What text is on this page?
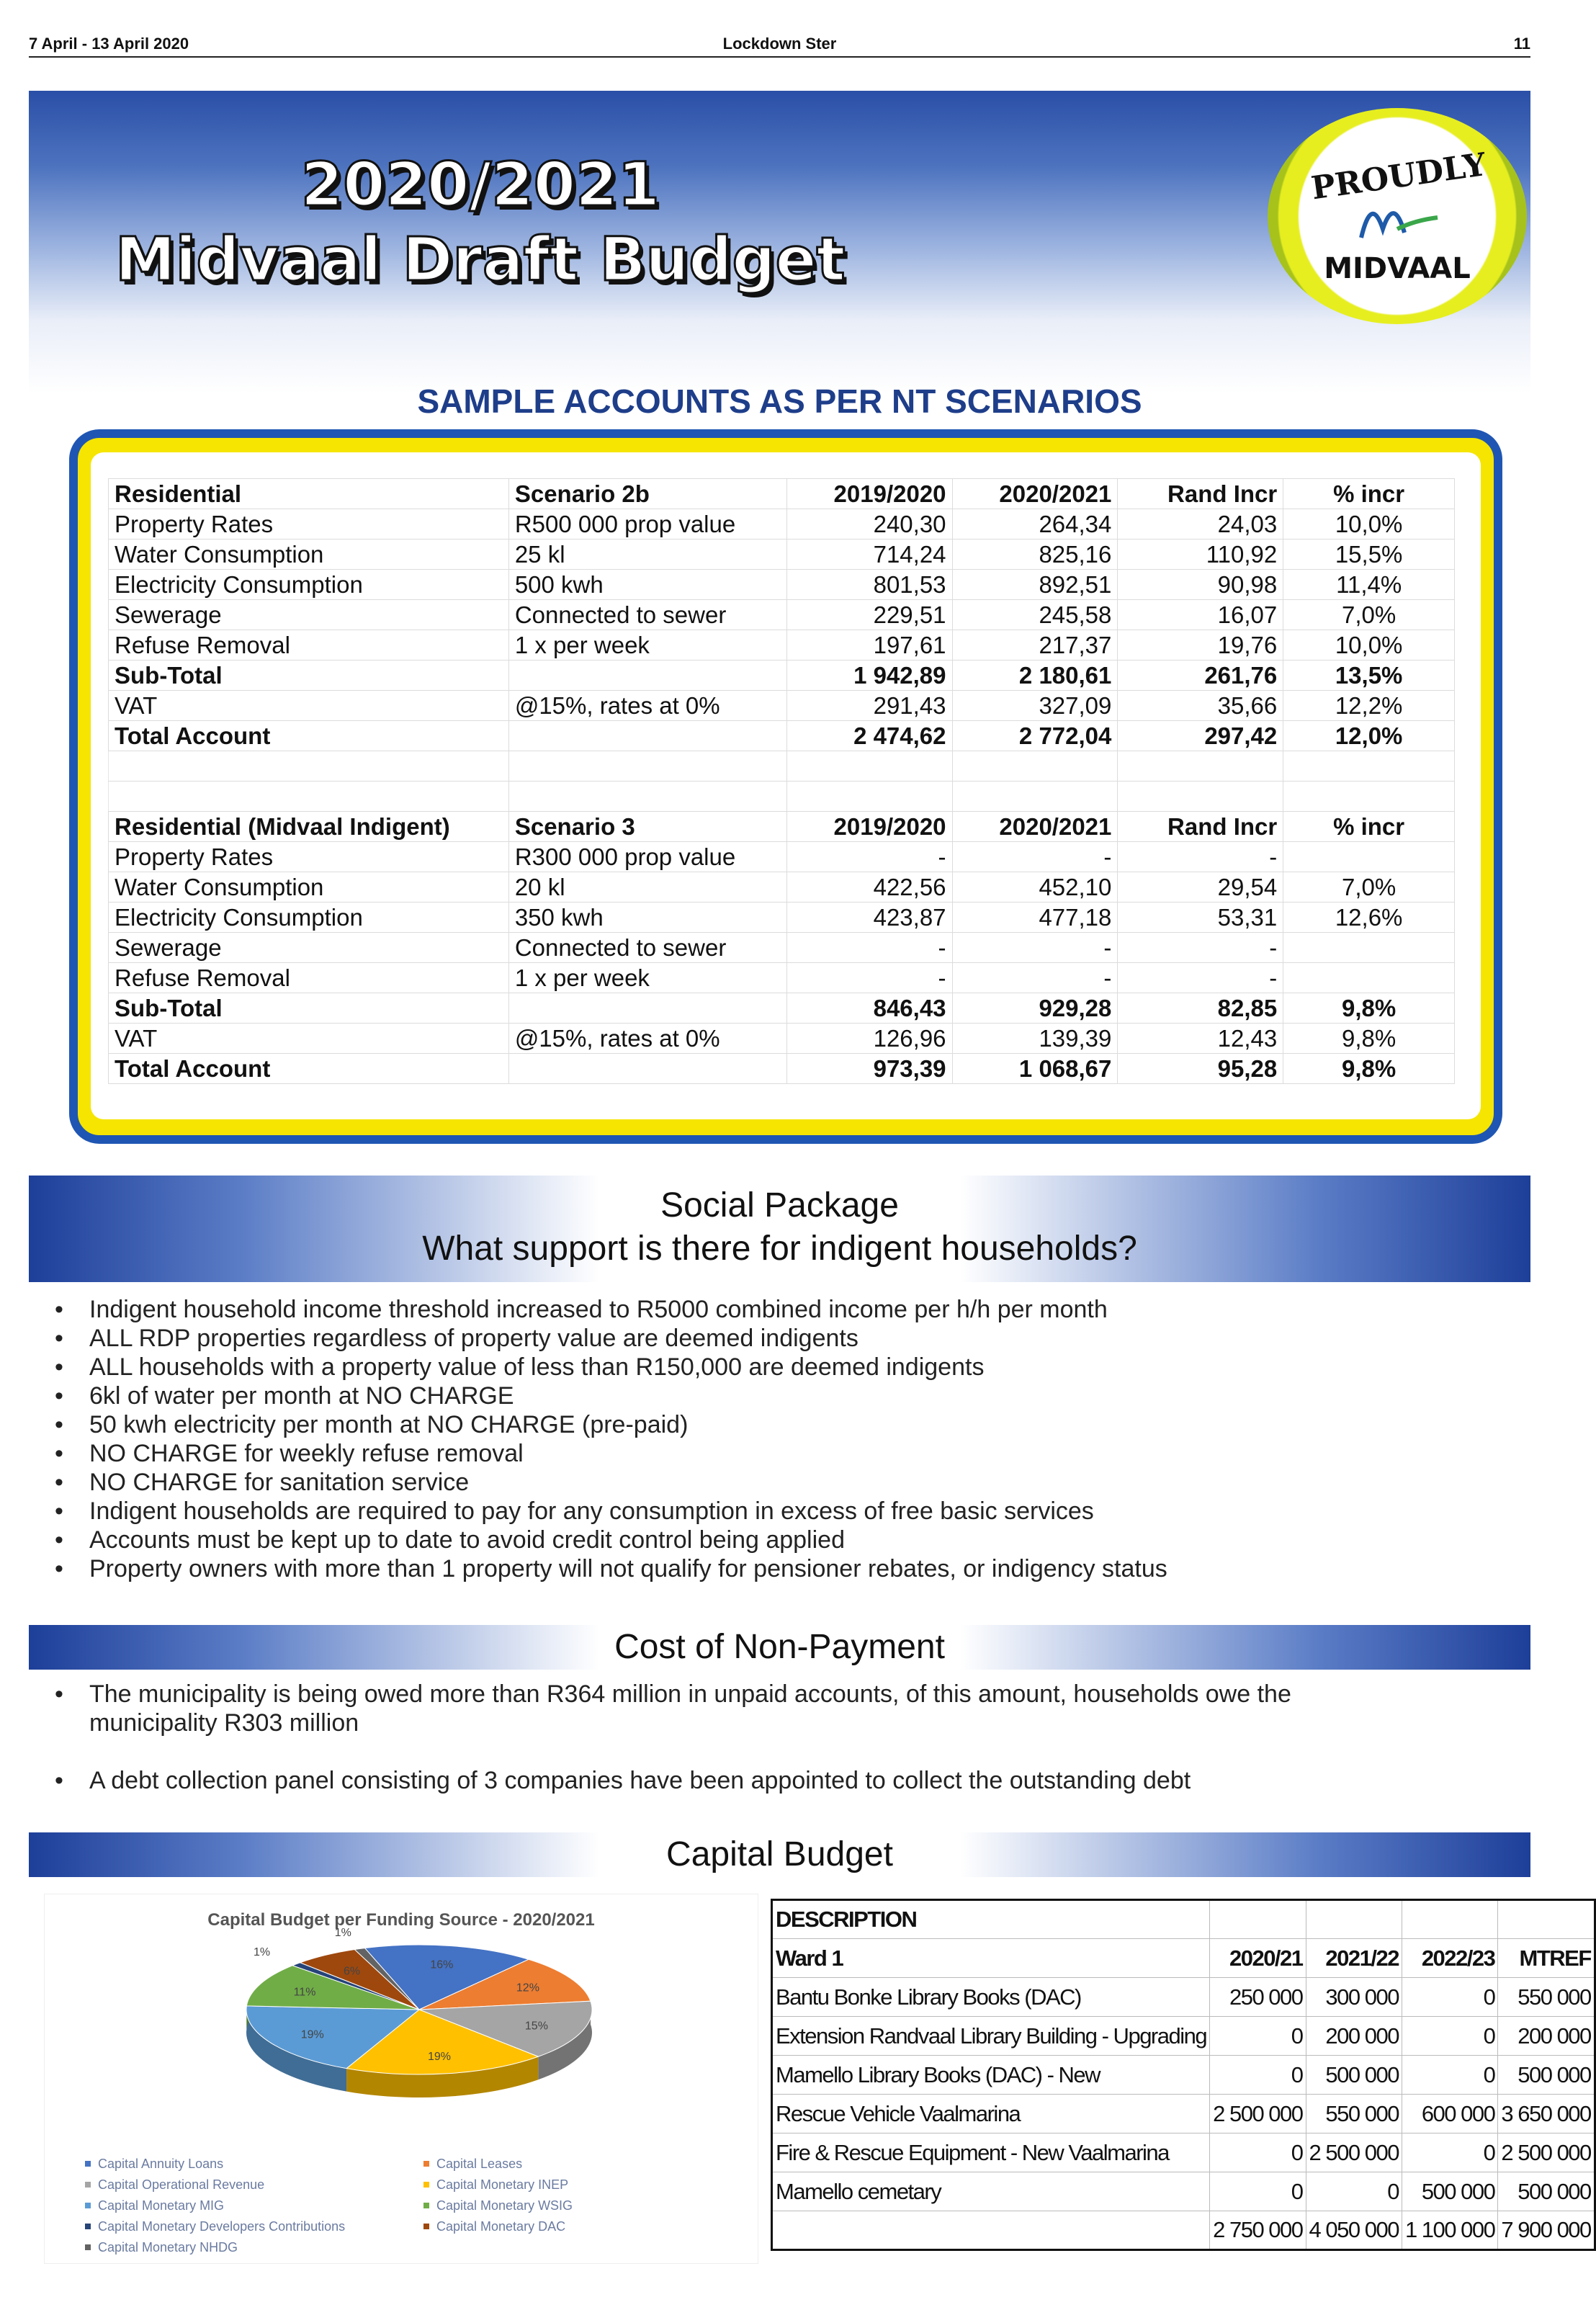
7 April - 13 April 2020	Lockdown Ster	11
2020/2021
Midvaal Draft Budget
PROUDLY
MIDVAAL
SAMPLE ACCOUNTS AS PER NT SCENARIOS
Residential	Scenario 2b	2019/2020	2020/2021	Rand Incr	% incr
Property Rates	R500 000 prop value	240,30	264,34	24,03	10,0%
Water Consumption	25 kl	714,24	825,16	110,92	15,5%
Electricity Consumption	500 kwh	801,53	892,51	90,98	11,4%
Sewerage	Connected to sewer	229,51	245,58	16,07	7,0%
Refuse Removal	1 x per week	197,61	217,37	19,76	10,0%
Sub-Total		1 942,89	2 180,61	261,76	13,5%
VAT	@15%, rates at 0%	291,43	327,09	35,66	12,2%
Total Account		2 474,62	2 772,04	297,42	12,0%

Residential (Midvaal Indigent)	Scenario 3	2019/2020	2020/2021	Rand Incr	% incr
Property Rates	R300 000 prop value	-	-	-	
Water Consumption	20 kl	422,56	452,10	29,54	7,0%
Electricity Consumption	350 kwh	423,87	477,18	53,31	12,6%
Sewerage	Connected to sewer	-	-	-	
Refuse Removal	1 x per week	-	-	-	
Sub-Total		846,43	929,28	82,85	9,8%
VAT	@15%, rates at 0%	126,96	139,39	12,43	9,8%
Total Account		973,39	1 068,67	95,28	9,8%
Social Package
What support is there for indigent households?
• Indigent household income threshold increased to R5000 combined income per h/h per month
• ALL RDP properties regardless of property value are deemed indigents
• ALL households with a property value of less than R150,000 are deemed indigents
• 6kl of water per month at NO CHARGE
• 50 kwh electricity per month at NO CHARGE (pre-paid)
• NO CHARGE for weekly refuse removal
• NO CHARGE for sanitation service
• Indigent households are required to pay for any consumption in excess of free basic services
• Accounts must be kept up to date to avoid credit control being applied
• Property owners with more than 1 property will not qualify for pensioner rebates, or indigency status
Cost of Non-Payment
• The municipality is being owed more than R364 million in unpaid accounts, of this amount, households owe the
municipality R303 million
• A debt collection panel consisting of 3 companies have been appointed to collect the outstanding debt
Capital Budget
Capital Budget per Funding Source - 2020/2021
16%
12%
15%
19%
19%
11%
1%
6%
1%
Capital Annuity Loans
Capital Operational Revenue
Capital Monetary MIG
Capital Monetary Developers Contributions
Capital Monetary NHDG
Capital Leases
Capital Monetary INEP
Capital Monetary WSIG
Capital Monetary DAC
DESCRIPTION				
Ward 1	2020/21	2021/22	2022/23	MTREF
Bantu Bonke Library Books (DAC)	250 000	300 000	0	550 000
Extension Randvaal Library Building - Upgrading	0	200 000	0	200 000
Mamello Library Books (DAC) - New	0	500 000	0	500 000
Rescue Vehicle Vaalmarina	2 500 000	550 000	600 000	3 650 000
Fire & Rescue Equipment - New Vaalmarina	0	2 500 000	0	2 500 000
Mamello cemetary	0	0	500 000	500 000
	2 750 000	4 050 000	1 100 000	7 900 000
